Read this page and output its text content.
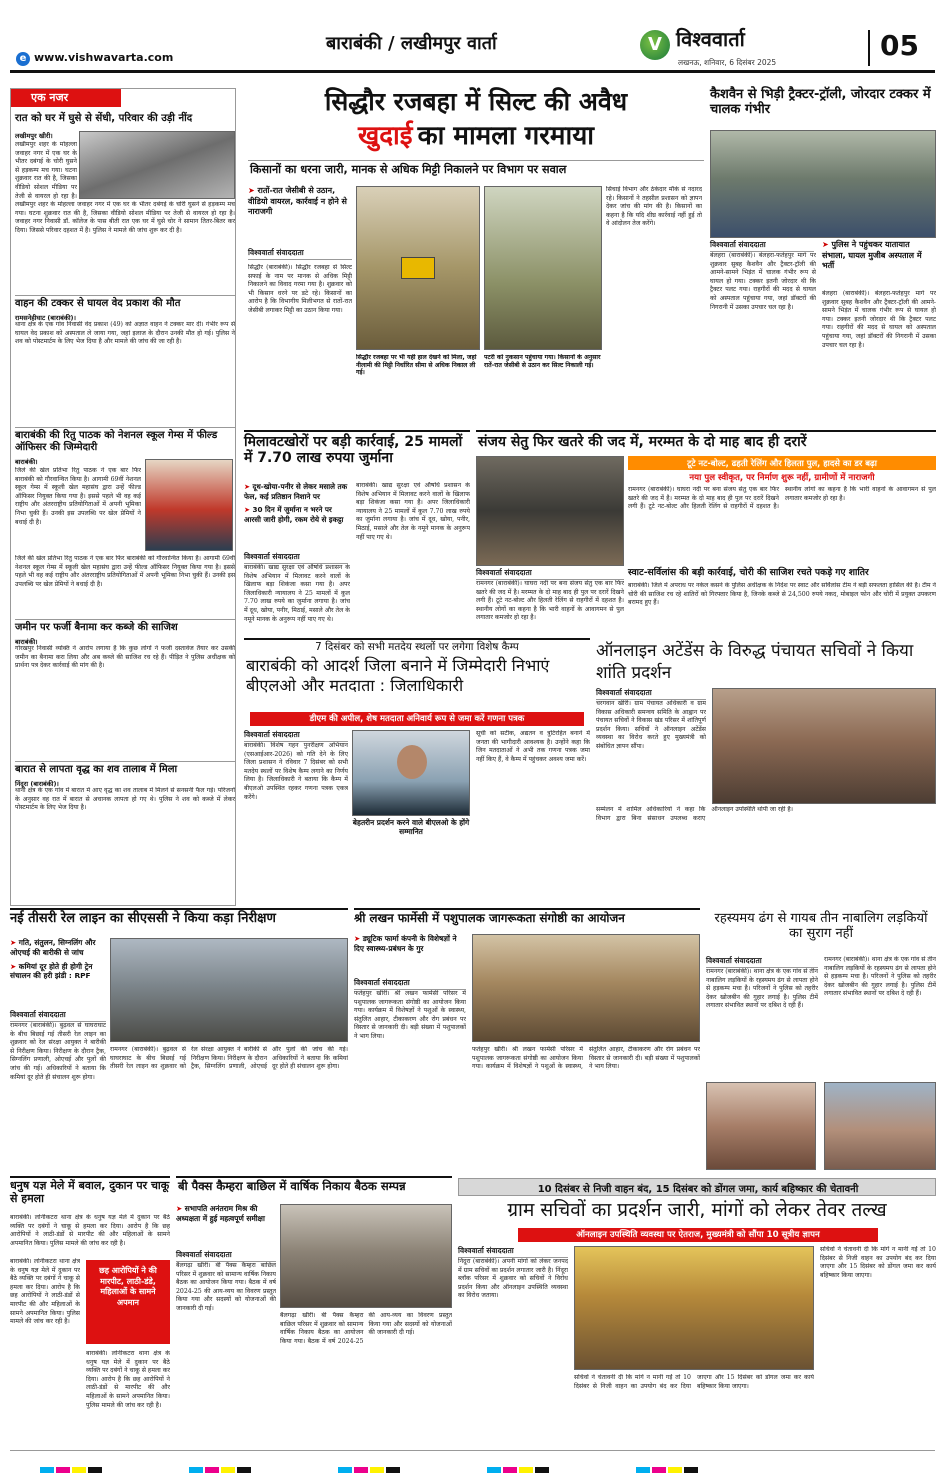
e www.vishwavarta.com
बाराबंकी / लखीमपुर वार्ता	V विश्ववार्ता
लखनऊ, शनिवार, 6 दिसंबर 2025
05
एक नजर
रात को घर में घुसे से सेंधी, परिवार की उड़ी नींद
लखीमपुर खीरी।
लखीमपुर शहर के मोहल्ला जवाहर नगर में एक घर के भीतर दबंगई के चोरी घुसने से हड़कम्प मच गया। घटना शुक्रवार रात की है, जिसका वीडियो सोशल मीडिया पर तेजी से वायरल हो रहा है।
लखीमपुर शहर के मोहल्ला जवाहर नगर में एक घर के भीतर दबंगई के चोरी घुसने से हड़कम्प मच गया। घटना शुक्रवार रात की है, जिसका वीडियो सोशल मीडिया पर तेजी से वायरल हो रहा है। जवाहर नगर निवासी डॉ. कॉलेज के पास बीती रात एक घर में घुसे चोर ने सामान तितर-बितर कर दिया। जिससे परिवार दहशत में है। पुलिस ने मामले की जांच शुरू कर दी है।
वाहन की टक्कर से घायल वेद प्रकाश की मौत
रामसनेहीघाट (बाराबंकी)।
थाना क्षेत्र के एक गांव निवासी वेद प्रकाश (49) को अज्ञात वाहन ने टक्कर मार दी। गंभीर रूप से घायल वेद प्रकाश को अस्पताल ले जाया गया, जहां इलाज के दौरान उनकी मौत हो गई। पुलिस ने शव को पोस्टमार्टम के लिए भेज दिया है और मामले की जांच की जा रही है।
बाराबंकी की रितु पाठक को नेशनल स्कूल गेम्स में फील्ड ऑफिसर की जिम्मेदारी
बाराबंकी।
जिले की खेल प्रतिभा रितु पाठक ने एक बार फिर बाराबंकी को गौरवान्वित किया है। आगामी 69वीं नेशनल स्कूल गेम्स में स्कूली खेल महासंघ द्वारा उन्हें फील्ड ऑफिसर नियुक्त किया गया है। इससे पहले भी वह कई राष्ट्रीय और अंतरराष्ट्रीय प्रतियोगिताओं में अपनी भूमिका निभा चुकी हैं। उनकी इस उपलब्धि पर खेल प्रेमियों ने बधाई दी है।
जिले की खेल प्रतिभा रितु पाठक ने एक बार फिर बाराबंकी को गौरवान्वित किया है। आगामी 69वीं नेशनल स्कूल गेम्स में स्कूली खेल महासंघ द्वारा उन्हें फील्ड ऑफिसर नियुक्त किया गया है। इससे पहले भी वह कई राष्ट्रीय और अंतरराष्ट्रीय प्रतियोगिताओं में अपनी भूमिका निभा चुकी हैं। उनकी इस उपलब्धि पर खेल प्रेमियों ने बधाई दी है।
जमीन पर फर्जी बैनामा कर कब्जे की साजिश
बाराबंकी।
गोरखपुर निवासी व्यक्ति ने आरोप लगाया है कि कुछ लोगों ने फर्जी दस्तावेज तैयार कर उसकी जमीन का बैनामा करा लिया और अब कब्जे की साजिश रच रहे हैं। पीड़ित ने पुलिस अधीक्षक को प्रार्थना पत्र देकर कार्रवाई की मांग की है।
बारात से लापता वृद्ध का शव तालाब में मिला
निंदूरा (बाराबंकी)।
थाना क्षेत्र के एक गांव में बारात में आए वृद्ध का शव तालाब में मिलने से सनसनी फैल गई। परिजनों के अनुसार वह रात में बारात से अचानक लापता हो गए थे। पुलिस ने शव को कब्जे में लेकर पोस्टमार्टम के लिए भेज दिया है।
सिद्धौर रजबहा में सिल्ट की अवैध
खुदाई का मामला गरमाया
किसानों का धरना जारी, मानक से अधिक मिट्टी निकालने पर विभाग पर सवाल
➤ रातों-रात जेसीबी से उठान, वीडियो वायरल, कार्रवाई न होने से नाराजगी
विश्ववार्ता संवाददाता
सिद्धौर (बाराबंकी)। सिद्धौर रजबहा से सिल्ट सफाई के नाम पर मानक से अधिक मिट्टी निकालने का विवाद गरमा गया है। शुक्रवार को भी किसान धरने पर डटे रहे। किसानों का आरोप है कि विभागीय मिलीभगत से रातों-रात जेसीबी लगाकर मिट्टी का उठान किया गया।
सिद्धौर रजबहा पर भी यही हाल देखने को मिला, जहां नीलामी की मिट्टी निर्धारित सीमा से अधिक निकाल ली गई।
पटरी को नुकसान पहुंचाया गया। किसानों के अनुसार रातें-रात जेसीबी से उठान कर सिल्ट निकाली गई।
सिंचाई विभाग और ठेकेदार मौके से नदारद रहे। किसानों ने तहसील प्रशासन को ज्ञापन देकर जांच की मांग की है। किसानों का कहना है कि यदि शीघ्र कार्रवाई नहीं हुई तो वे आंदोलन तेज करेंगे।
कैशवैन से भिड़ी ट्रैक्टर-ट्रॉली, जोरदार टक्कर में चालक गंभीर
विश्ववार्ता संवाददाता
बेलहरा (बाराबंकी)। बेलहरा-फतेहपुर मार्ग पर शुक्रवार सुबह कैशवैन और ट्रैक्टर-ट्रॉली की आमने-सामने भिड़ंत में चालक गंभीर रूप से घायल हो गया। टक्कर इतनी जोरदार थी कि ट्रैक्टर पलट गया। राहगीरों की मदद से घायल को अस्पताल पहुंचाया गया, जहां डॉक्टरों की निगरानी में उसका उपचार चल रहा है।
➤ पुलिस ने पहुंचकर यातायात संभाला, घायल मुजीब अस्पताल में भर्ती
बेलहरा (बाराबंकी)। बेलहरा-फतेहपुर मार्ग पर शुक्रवार सुबह कैशवैन और ट्रैक्टर-ट्रॉली की आमने-सामने भिड़ंत में चालक गंभीर रूप से घायल हो गया। टक्कर इतनी जोरदार थी कि ट्रैक्टर पलट गया। राहगीरों की मदद से घायल को अस्पताल पहुंचाया गया, जहां डॉक्टरों की निगरानी में उसका उपचार चल रहा है।
मिलावटखोरों पर बड़ी कार्रवाई, 25 मामलों में 7.70 लाख रुपया जुर्माना
➤ दूध-खोया-पनीर से लेकर मसाले तक फेल, कई प्रतिष्ठान निशाने पर
➤ 30 दिन में जुर्माना न भरने पर आरसी जारी होगी, रकम रोये से इकट्ठा
विश्ववार्ता संवाददाता
बाराबंकी। खाद्य सुरक्षा एवं औषधि प्रशासन के विशेष अभियान में मिलावट करने वालों के खिलाफ बड़ा शिकंजा कसा गया है। अपर जिलाधिकारी न्यायालय ने 25 मामलों में कुल 7.70 लाख रुपये का जुर्माना लगाया है। जांच में दूध, खोया, पनीर, मिठाई, मसाले और तेल के नमूने मानक के अनुरूप नहीं पाए गए थे।
बाराबंकी। खाद्य सुरक्षा एवं औषधि प्रशासन के विशेष अभियान में मिलावट करने वालों के खिलाफ बड़ा शिकंजा कसा गया है। अपर जिलाधिकारी न्यायालय ने 25 मामलों में कुल 7.70 लाख रुपये का जुर्माना लगाया है। जांच में दूध, खोया, पनीर, मिठाई, मसाले और तेल के नमूने मानक के अनुरूप नहीं पाए गए थे।
संजय सेतु फिर खतरे की जद में, मरम्मत के दो माह बाद ही दरारें
टूटे नट-बोल्ट, ढहती रेलिंग और हिलता पुल, हादसे का डर बढ़ा
नया पुल स्वीकृत, पर निर्माण शुरू नहीं, ग्रामीणों में नाराजगी
रामनगर (बाराबंकी)। घाघरा नदी पर बना संजय सेतु एक बार फिर खतरे की जद में है। मरम्मत के दो माह बाद ही पुल पर दरारें दिखने लगी हैं। टूटे नट-बोल्ट और हिलती रेलिंग से राहगीरों में दहशत है। स्थानीय लोगों का कहना है कि भारी वाहनों के आवागमन से पुल लगातार कमजोर हो रहा है।
विश्ववार्ता संवाददाता
रामनगर (बाराबंकी)। घाघरा नदी पर बना संजय सेतु एक बार फिर खतरे की जद में है। मरम्मत के दो माह बाद ही पुल पर दरारें दिखने लगी हैं। टूटे नट-बोल्ट और हिलती रेलिंग से राहगीरों में दहशत है। स्थानीय लोगों का कहना है कि भारी वाहनों के आवागमन से पुल लगातार कमजोर हो रहा है।
स्वाट-सर्विलांस की बड़ी कार्रवाई, चोरी की साजिश रचते पकड़े गए शातिर
बाराबंकी। जिले में अपराध पर नकेल कसने के पुलिस अधीक्षक के निर्देश पर स्वाट और सर्विलांस टीम ने बड़ी सफलता हासिल की है। टीम ने चोरी की साजिश रच रहे शातिरों को गिरफ्तार किया है, जिनके कब्जे से 24,500 रुपये नकद, मोबाइल फोन और चोरी में प्रयुक्त उपकरण बरामद हुए हैं।
7 दिसंबर को सभी मतदेय स्थलों पर लगेगा विशेष कैम्प
बाराबंकी को आदर्श जिला बनाने में जिम्मेदारी निभाएं बीएलओ और मतदाता : जिलाधिकारी
डीएम की अपील, शेष मतदाता अनिवार्य रूप से जमा करें गणना पत्रक
विश्ववार्ता संवाददाता
बाराबंकी। विशेष गहन पुनरीक्षण अभियान (एसआईआर-2026) को गति देने के लिए जिला प्रशासन ने रविवार 7 दिसंबर को सभी मतदेय स्थलों पर विशेष कैम्प लगाने का निर्णय लिया है। जिलाधिकारी ने बताया कि कैम्प में बीएलओ उपस्थित रहकर गणना पत्रक एकत्र करेंगे।
बेहतरीन प्रदर्शन करने वाले बीएलओ के होंगे सम्मानित
सूची को सटीक, अद्यतन व त्रुटिरहित बनाने में जनता की भागीदारी आवश्यक है। उन्होंने कहा कि जिन मतदाताओं ने अभी तक गणना पत्रक जमा नहीं किए हैं, वे कैम्प में पहुंचकर अवश्य जमा करें।
ऑनलाइन अटेंडेंस के विरुद्ध पंचायत सचिवों ने किया शांति प्रदर्शन
विश्ववार्ता संवाददाता
चरगवान खीरी। ग्राम पंचायत अधिकारी व ग्राम विकास अधिकारी समन्वय समिति के आह्वान पर पंचायत सचिवों ने विकास खंड परिसर में शांतिपूर्ण प्रदर्शन किया। सचिवों ने ऑनलाइन अटेंडेंस व्यवस्था का विरोध करते हुए मुख्यमंत्री को संबोधित ज्ञापन सौंपा।
सम्मेलन में शामिल अधिकारियों ने कहा कि विभाग द्वारा बिना संसाधन उपलब्ध कराए ऑनलाइन उपस्थिति थोपी जा रही है।
नई तीसरी रेल लाइन का सीएससी ने किया कड़ा निरीक्षण
➤ गति, संतुलन, सिग्नलिंग और ओएचई की बारीकी से जांच
➤ कमियां दूर होते ही होगी ट्रेन संचालन की हरी झंडी : RPF
विश्ववार्ता संवाददाता
रामनगर (बाराबंकी)। बुढ़वल से घाघराघाट के बीच बिछाई गई तीसरी रेल लाइन का शुक्रवार को रेल संरक्षा आयुक्त ने बारीकी से निरीक्षण किया। निरीक्षण के दौरान ट्रैक, सिग्नलिंग प्रणाली, ओएचई और पुलों की जांच की गई। अधिकारियों ने बताया कि कमियां दूर होते ही संचालन शुरू होगा।
रामनगर (बाराबंकी)। बुढ़वल से घाघराघाट के बीच बिछाई गई तीसरी रेल लाइन का शुक्रवार को रेल संरक्षा आयुक्त ने बारीकी से निरीक्षण किया। निरीक्षण के दौरान ट्रैक, सिग्नलिंग प्रणाली, ओएचई और पुलों की जांच की गई। अधिकारियों ने बताया कि कमियां दूर होते ही संचालन शुरू होगा।
श्री लखन फार्मेसी में पशुपालक जागरूकता संगोष्ठी का आयोजन
➤ ड्यूटिक फार्मा कंपनी के विशेषज्ञों ने दिए स्वास्थ्य-प्रबंधन के गुर
विश्ववार्ता संवाददाता
फतेहपुर खीरी। श्री लखन फार्मेसी परिसर में पशुपालक जागरूकता संगोष्ठी का आयोजन किया गया। कार्यक्रम में विशेषज्ञों ने पशुओं के स्वास्थ्य, संतुलित आहार, टीकाकरण और रोग प्रबंधन पर विस्तार से जानकारी दी। बड़ी संख्या में पशुपालकों ने भाग लिया।
फतेहपुर खीरी। श्री लखन फार्मेसी परिसर में पशुपालक जागरूकता संगोष्ठी का आयोजन किया गया। कार्यक्रम में विशेषज्ञों ने पशुओं के स्वास्थ्य, संतुलित आहार, टीकाकरण और रोग प्रबंधन पर विस्तार से जानकारी दी। बड़ी संख्या में पशुपालकों ने भाग लिया।
रहस्यमय ढंग से गायब तीन नाबालिग लड़कियों का सुराग नहीं
विश्ववार्ता संवाददाता
रामनगर (बाराबंकी)। थाना क्षेत्र के एक गांव से तीन नाबालिग लड़कियों के रहस्यमय ढंग से लापता होने से हड़कम्प मचा है। परिजनों ने पुलिस को तहरीर देकर खोजबीन की गुहार लगाई है। पुलिस टीमें लगातार संभावित स्थानों पर दबिश दे रही हैं।
रामनगर (बाराबंकी)। थाना क्षेत्र के एक गांव से तीन नाबालिग लड़कियों के रहस्यमय ढंग से लापता होने से हड़कम्प मचा है। परिजनों ने पुलिस को तहरीर देकर खोजबीन की गुहार लगाई है। पुलिस टीमें लगातार संभावित स्थानों पर दबिश दे रही हैं।
धनुष यज्ञ मेले में बवाल, दुकान पर चाकू से हमला
बाराबंकी। लोनीकटरा थाना क्षेत्र के धनुष यज्ञ मेले में दुकान पर बैठे व्यक्ति पर दबंगों ने चाकू से हमला कर दिया। आरोप है कि छह आरोपियों ने लाठी-डंडों से मारपीट की और महिलाओं के सामने अपमानित किया। पुलिस मामले की जांच कर रही है।
बाराबंकी। लोनीकटरा थाना क्षेत्र के धनुष यज्ञ मेले में दुकान पर बैठे व्यक्ति पर दबंगों ने चाकू से हमला कर दिया। आरोप है कि छह आरोपियों ने लाठी-डंडों से मारपीट की और महिलाओं के सामने अपमानित किया। पुलिस मामले की जांच कर रही है।
छह आरोपियों ने की मारपीट, लाठी-डंडे, महिलाओं के सामने अपमान
बाराबंकी। लोनीकटरा थाना क्षेत्र के धनुष यज्ञ मेले में दुकान पर बैठे व्यक्ति पर दबंगों ने चाकू से हमला कर दिया। आरोप है कि छह आरोपियों ने लाठी-डंडों से मारपीट की और महिलाओं के सामने अपमानित किया। पुलिस मामले की जांच कर रही है।
बी पैक्स कैम्हरा बाछिल में वार्षिक निकाय बैठक सम्पन्न
➤ सभापति अनंतराम मिश्र की अध्यक्षता में हुई महत्वपूर्ण समीक्षा
विश्ववार्ता संवाददाता
बैलगढ़ा खीरी। बी पैक्स कैम्हरा बाछिल परिसर में शुक्रवार को सामान्य वार्षिक निकाय बैठक का आयोजन किया गया। बैठक में वर्ष 2024-25 की आय-व्यय का विवरण प्रस्तुत किया गया और सदस्यों को योजनाओं की जानकारी दी गई।
बैलगढ़ा खीरी। बी पैक्स कैम्हरा बाछिल परिसर में शुक्रवार को सामान्य वार्षिक निकाय बैठक का आयोजन किया गया। बैठक में वर्ष 2024-25 की आय-व्यय का विवरण प्रस्तुत किया गया और सदस्यों को योजनाओं की जानकारी दी गई।
10 दिसंबर से निजी वाहन बंद, 15 दिसंबर को डोंगल जमा, कार्य बहिष्कार की चेतावनी
ग्राम सचिवों का प्रदर्शन जारी, मांगों को लेकर तेवर तल्ख
ऑनलाइन उपस्थिति व्यवस्था पर ऐतराज, मुख्यमंत्री को सौंपा 10 सूत्रीय ज्ञापन
विश्ववार्ता संवाददाता
निंदूरा (बाराबंकी)। अपनी मांगों को लेकर जनपद में ग्राम सचिवों का प्रदर्शन लगातार जारी है। निंदूरा ब्लॉक परिसर में शुक्रवार को सचिवों ने विरोध प्रदर्शन किया और ऑनलाइन उपस्थिति व्यवस्था का विरोध जताया।
सचिवों ने चेतावनी दी कि मांगें न मानी गईं तो 10 दिसंबर से निजी वाहन का उपयोग बंद कर दिया जाएगा और 15 दिसंबर को डोंगल जमा कर कार्य बहिष्कार किया जाएगा।
सचिवों ने चेतावनी दी कि मांगें न मानी गईं तो 10 दिसंबर से निजी वाहन का उपयोग बंद कर दिया जाएगा और 15 दिसंबर को डोंगल जमा कर कार्य बहिष्कार किया जाएगा।
